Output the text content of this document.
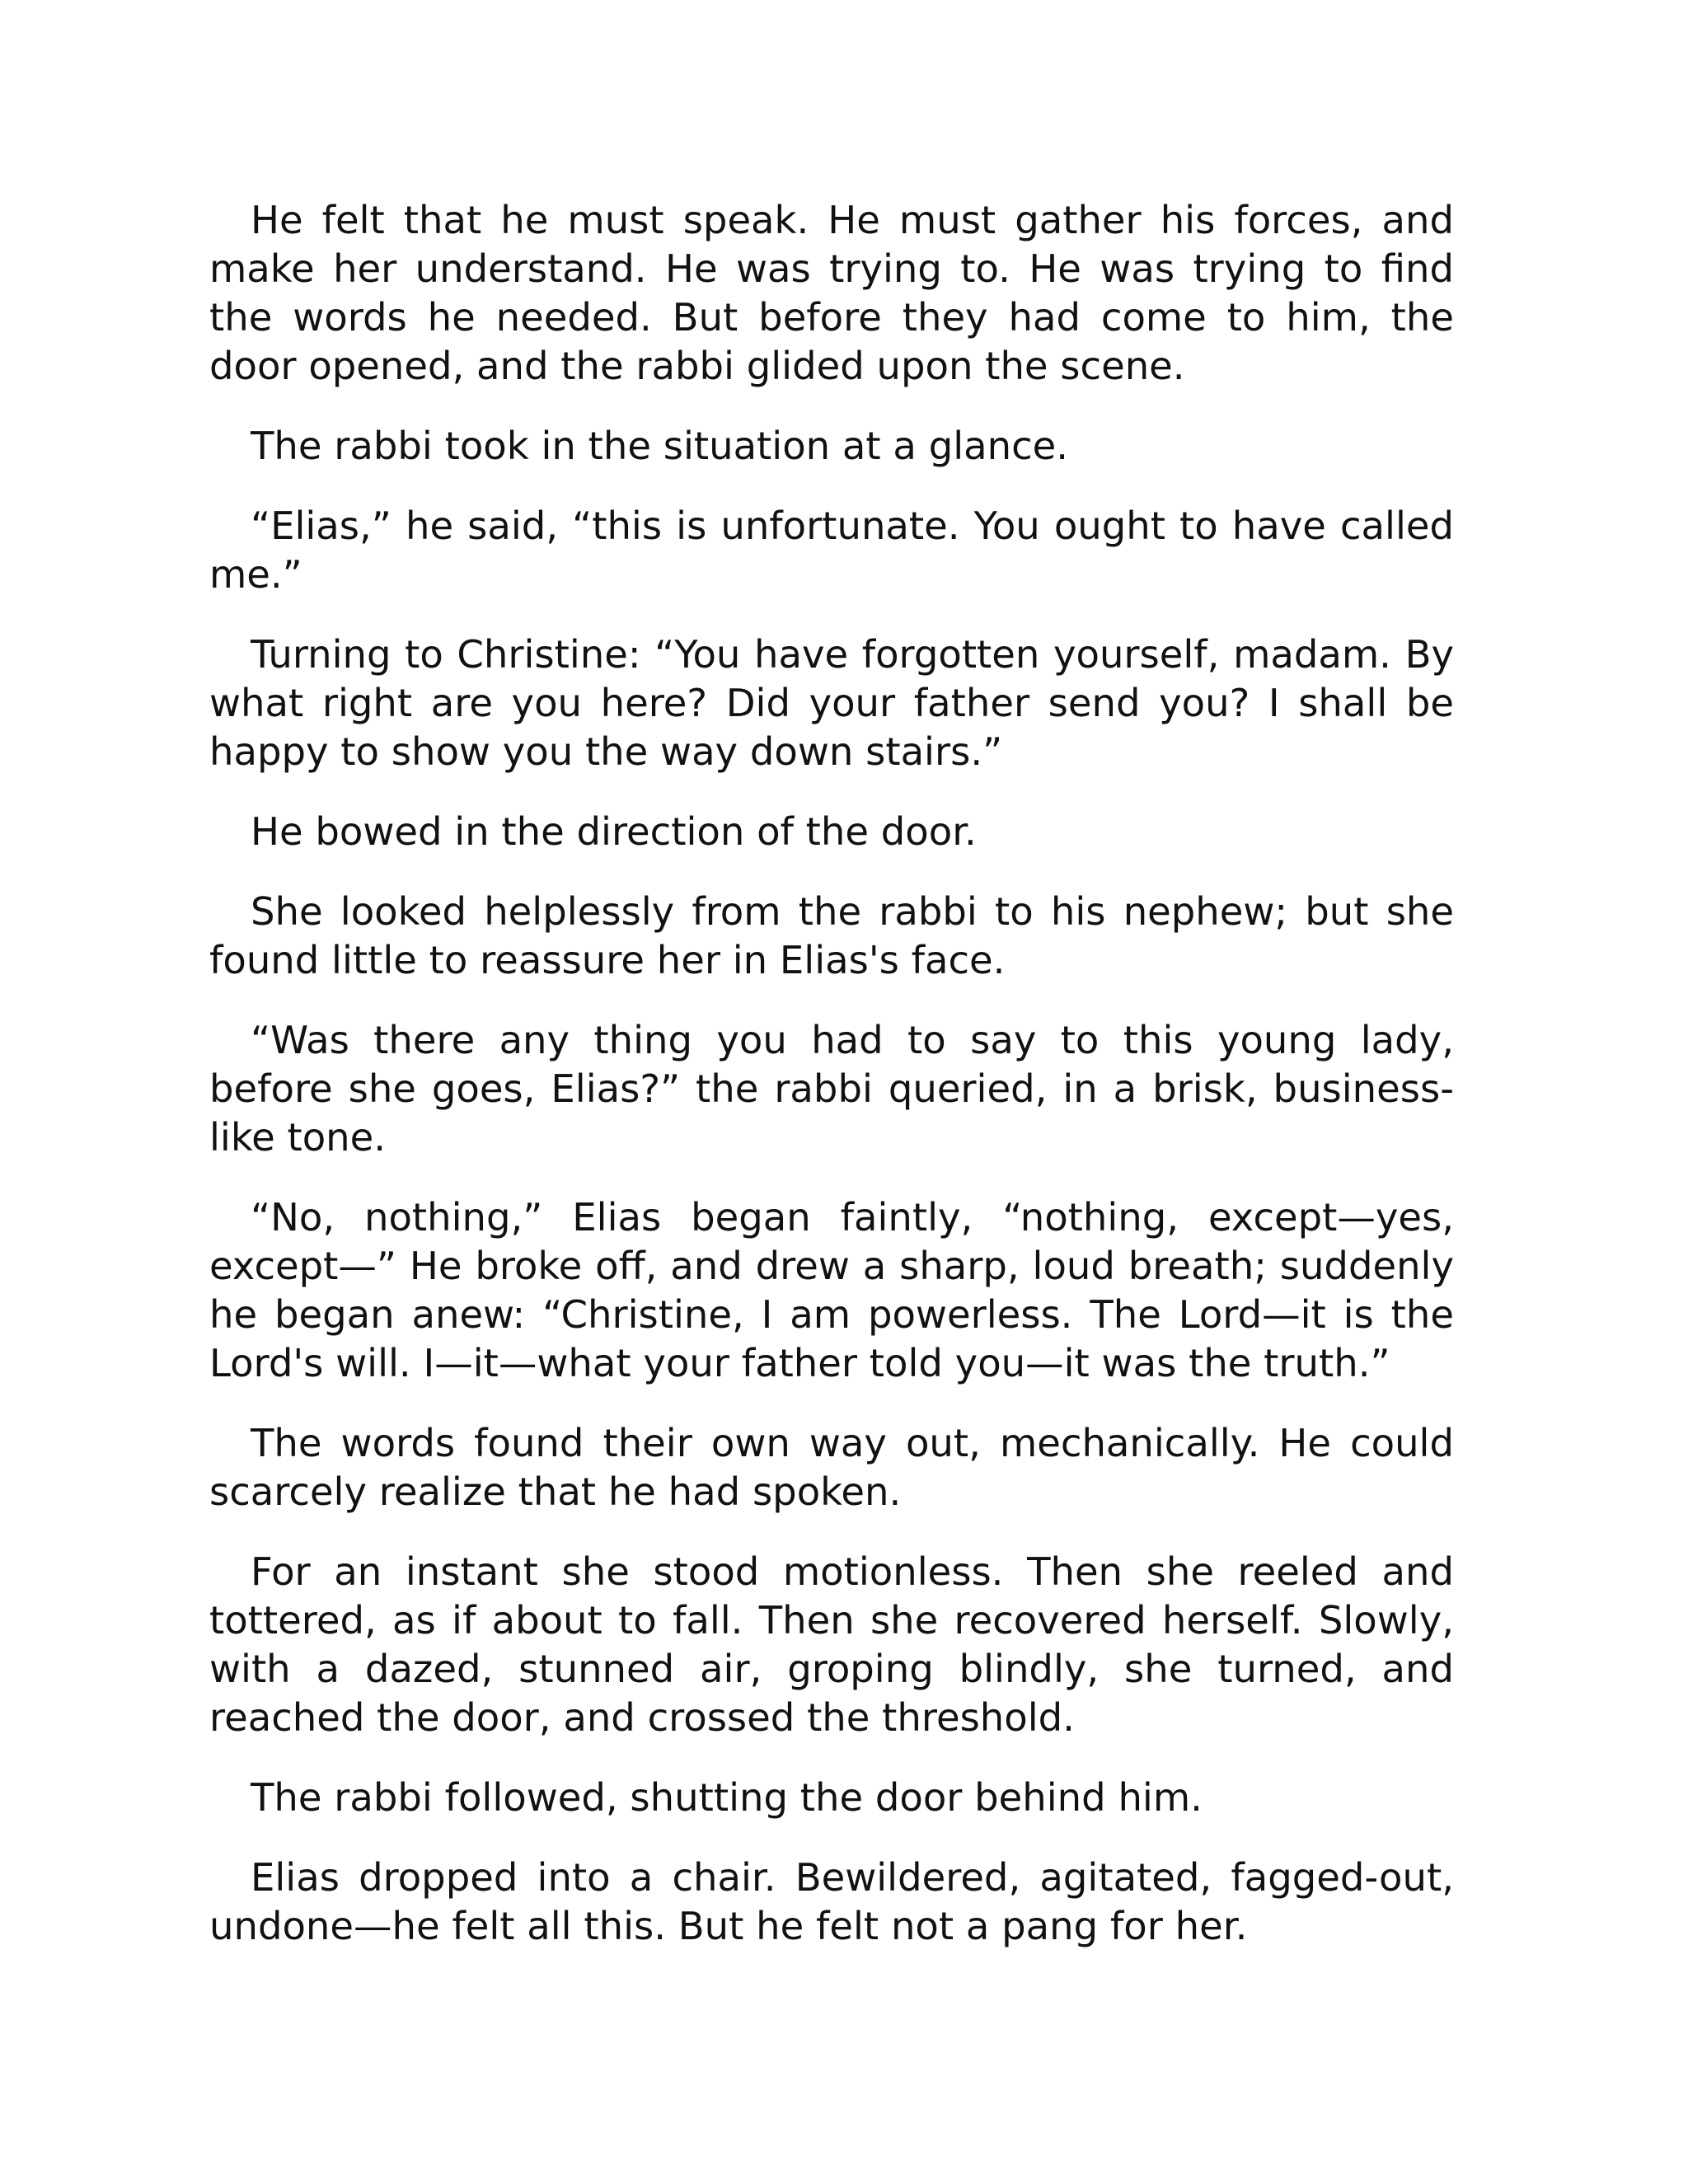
He felt that he must speak. He must gather his forces, and make her understand. He was trying to. He was trying to find the words he needed. But before they had come to him, the door opened, and the rabbi glided upon the scene.

The rabbi took in the situation at a glance.

“Elias,” he said, “this is unfortunate. You ought to have called me.”

Turning to Christine: “You have forgotten yourself, madam. By what right are you here? Did your father send you? I shall be happy to show you the way down stairs.”

He bowed in the direction of the door.

She looked helplessly from the rabbi to his nephew; but she found little to reassure her in Elias's face.

“Was there any thing you had to say to this young lady, before she goes, Elias?” the rabbi queried, in a brisk, business-like tone.

“No, nothing,” Elias began faintly, “nothing, except—yes, except—” He broke off, and drew a sharp, loud breath; suddenly he began anew: “Christine, I am powerless. The Lord—it is the Lord's will. I—it—what your father told you—it was the truth.”

The words found their own way out, mechanically. He could scarcely realize that he had spoken.

For an instant she stood motionless. Then she reeled and tottered, as if about to fall. Then she recovered herself. Slowly, with a dazed, stunned air, groping blindly, she turned, and reached the door, and crossed the threshold.

The rabbi followed, shutting the door behind him.

Elias dropped into a chair. Bewildered, agitated, fagged-out, undone—he felt all this. But he felt not a pang for her.
